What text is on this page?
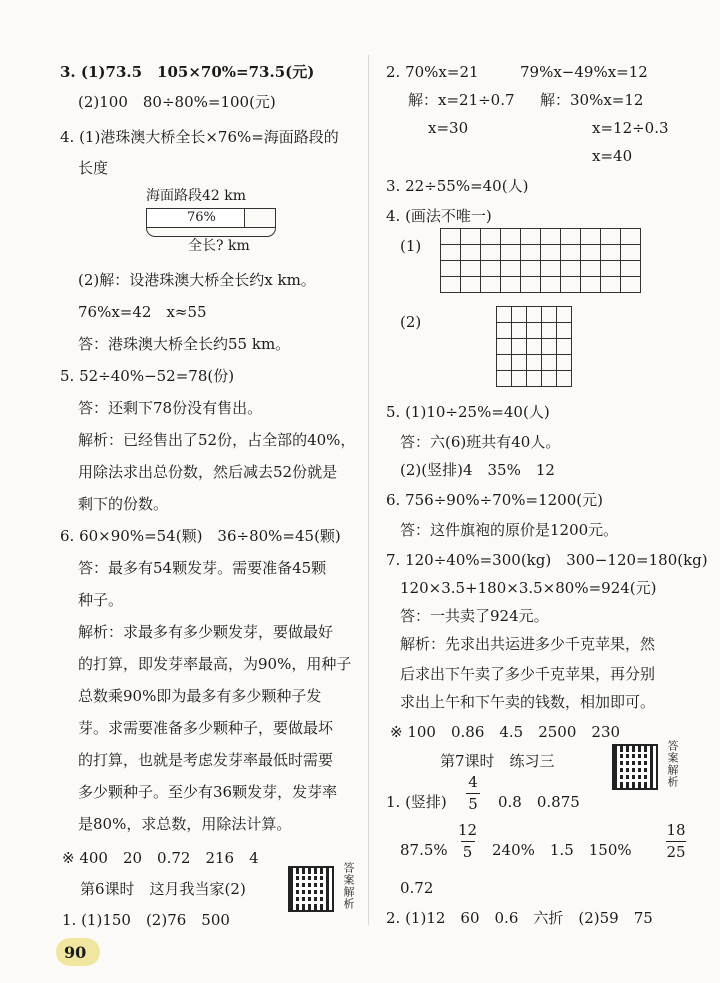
3. (1)73.5　105×70%=73.5(元)
(2)100　80÷80%=100(元)
4. (1)港珠澳大桥全长×76%=海面路段的
长度
海面路段42 km
76%
全长? km
(2)解：设港珠澳大桥全长约x km。
76%x=42　x≈55
答：港珠澳大桥全长约55 km。
5. 52÷40%−52=78(份)
答：还剩下78份没有售出。
解析：已经售出了52份，占全部的40%，
用除法求出总份数，然后减去52份就是
剩下的份数。
6. 60×90%=54(颗)　36÷80%=45(颗)
答：最多有54颗发芽。需要准备45颗
种子。
解析：求最多有多少颗发芽，要做最好
的打算，即发芽率最高，为90%，用种子
总数乘90%即为最多有多少颗种子发
芽。求需要准备多少颗种子，要做最坏
的打算，也就是考虑发芽率最低时需要
多少颗种子。至少有36颗发芽，发芽率
是80%，求总数，用除法计算。
※ 400　20　0.72　216　4
第6课时　这月我当家(2)	答案解析
1. (1)150　(2)76　500
90
2. 70%x=21
解：x=21÷0.7
x=30
79%x−49%x=12
解：30%x=12
x=12÷0.3
x=40
3. 22÷55%=40(人)
4. (画法不唯一)
(1)
(2)
5. (1)10÷25%=40(人)
答：六(6)班共有40人。
(2)(竖排)4　35%　12
6. 756÷90%÷70%=1200(元)
答：这件旗袍的原价是1200元。
7. 120÷40%=300(kg)　300−120=180(kg)
120×3.5+180×3.5×80%=924(元)
答：一共卖了924元。
解析：先求出共运进多少千克苹果，然
后求出下午卖了多少千克苹果，再分别
求出上午和下午卖的钱数，相加即可。
※ 100　0.86　4.5　2500　230
第7课时　练习三	答案解析
1. (竖排)
4
5 0.8　0.875
87.5%
12
5 240%　1.5　150%
18
25
0.72
2. (1)12　60　0.6　六折　(2)59　75
